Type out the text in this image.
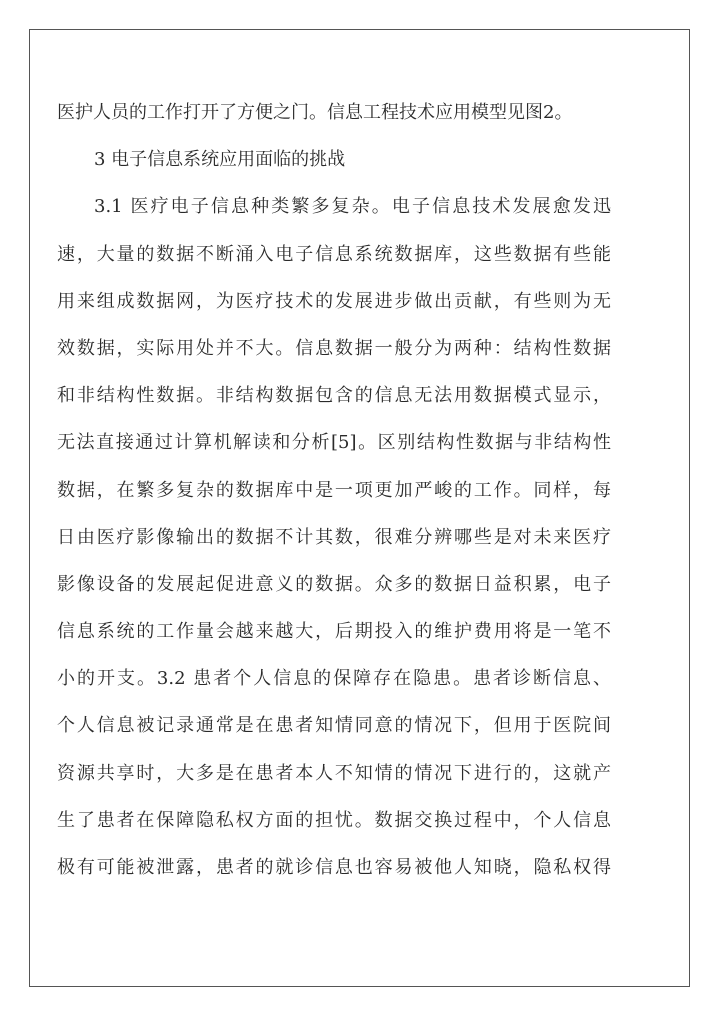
医护人员的工作打开了方便之门。信息工程技术应用模型见图2。
3 电子信息系统应用面临的挑战
3.1 医疗电子信息种类繁多复杂。电子信息技术发展愈发迅
速，大量的数据不断涌入电子信息系统数据库，这些数据有些能
用来组成数据网，为医疗技术的发展进步做出贡献，有些则为无
效数据，实际用处并不大。信息数据一般分为两种：结构性数据
和非结构性数据。非结构数据包含的信息无法用数据模式显示，
无法直接通过计算机解读和分析[5]。区别结构性数据与非结构性
数据，在繁多复杂的数据库中是一项更加严峻的工作。同样，每
日由医疗影像输出的数据不计其数，很难分辨哪些是对未来医疗
影像设备的发展起促进意义的数据。众多的数据日益积累，电子
信息系统的工作量会越来越大，后期投入的维护费用将是一笔不
小的开支。3.2 患者个人信息的保障存在隐患。患者诊断信息、
个人信息被记录通常是在患者知情同意的情况下，但用于医院间
资源共享时，大多是在患者本人不知情的情况下进行的，这就产
生了患者在保障隐私权方面的担忧。数据交换过程中，个人信息
极有可能被泄露，患者的就诊信息也容易被他人知晓，隐私权得
